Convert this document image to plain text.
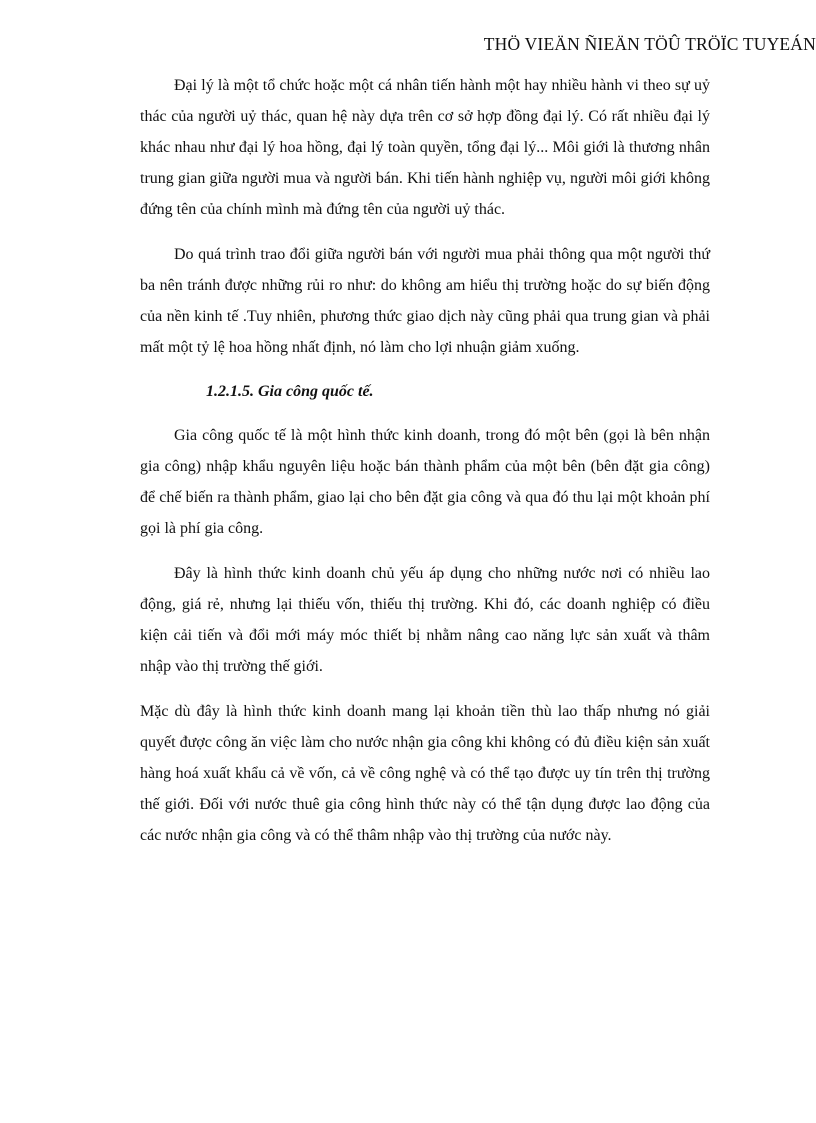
THÖ VIEÄN ÑIEÄN TÖÛ TRÖÏC TUYEÁN

Đại lý là một tổ chức hoặc một cá nhân tiến hành một hay nhiều hành vi theo sự uỷ thác của người uỷ thác, quan hệ này dựa trên cơ sở hợp đồng đại lý. Có rất nhiều đại lý khác nhau như đại lý hoa hồng, đại lý toàn quyền, tổng đại lý... Môi giới là thương nhân trung gian giữa người mua và người bán. Khi tiến hành nghiệp vụ, người môi giới không đứng tên của chính mình mà đứng tên của người uỷ thác.

Do quá trình trao đổi giữa người bán với người mua phải thông qua một người thứ ba nên tránh được những rủi ro như: do không am hiểu thị trường hoặc do sự biến động của nền kinh tế .Tuy nhiên, phương thức giao dịch này cũng phải qua trung gian và phải mất một tỷ lệ hoa hồng nhất định, nó làm cho lợi nhuận giảm xuống.

1.2.1.5. Gia công quốc tế.

Gia công quốc tế là một hình thức kinh doanh, trong đó một bên (gọi là bên nhận gia công) nhập khẩu nguyên liệu hoặc bán thành phẩm của một bên (bên đặt gia công) để chế biến ra thành phẩm, giao lại cho bên đặt gia công và qua đó thu lại một khoản phí gọi là phí gia công.

Đây là hình thức kinh doanh chủ yếu áp dụng cho những nước nơi có nhiều lao động, giá rẻ, nhưng lại thiếu vốn, thiếu thị trường. Khi đó, các doanh nghiệp có điều kiện cải tiến và đổi mới máy móc thiết bị nhằm nâng cao năng lực sản xuất và thâm nhập vào thị trường thế giới.

Mặc dù đây là hình thức kinh doanh mang lại khoản tiền thù lao thấp nhưng nó giải quyết được công ăn việc làm cho nước nhận gia công khi không có đủ điều kiện sản xuất hàng hoá xuất khẩu cả về vốn, cả về công nghệ và có thể tạo được uy tín trên thị trường thế giới. Đối với nước thuê gia công hình thức này có thể tận dụng được lao động của các nước nhận gia công và có thể thâm nhập vào thị trường của nước này.
